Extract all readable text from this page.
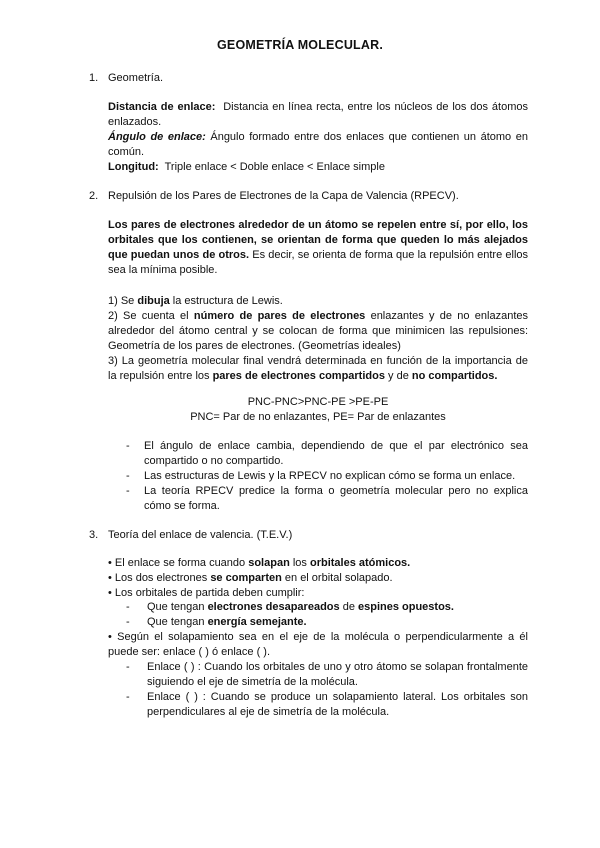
GEOMETRÍA MOLECULAR.
1. Geometría.

Distancia de enlace: Distancia en línea recta, entre los núcleos de los dos átomos enlazados.

Ángulo de enlace: Ángulo formado entre dos enlaces que contienen un átomo en común.

Longitud: Triple enlace < Doble enlace < Enlace simple

2. Repulsión de los Pares de Electrones de la Capa de Valencia (RPECV).

Los pares de electrones alrededor de un átomo se repelen entre sí, por ello, los orbitales que los contienen, se orientan de forma que queden lo más alejados que puedan unos de otros. Es decir, se orienta de forma que la repulsión entre ellos sea la mínima posible.

1) Se dibuja la estructura de Lewis.

2) Se cuenta el número de pares de electrones enlazantes y de no enlazantes alrededor del átomo central y se colocan de forma que minimicen las repulsiones: Geometría de los pares de electrones. (Geometrías ideales)

3) La geometría molecular final vendrá determinada en función de la importancia de la repulsión entre los pares de electrones compartidos y de no compartidos.

PNC-PNC>PNC-PE >PE-PE
PNC= Par de no enlazantes, PE= Par de enlazantes
- El ángulo de enlace cambia, dependiendo de que el par electrónico sea compartido o no compartido.
- Las estructuras de Lewis y la RPECV no explican cómo se forma un enlace.
- La teoría RPECV predice la forma o geometría molecular pero no explica cómo se forma.
3. Teoría del enlace de valencia. (T.E.V.)

• El enlace se forma cuando solapan los orbitales atómicos.

• Los dos electrones se comparten en el orbital solapado.

• Los orbitales de partida deben cumplir:

- Que tengan electrones desapareados de espines opuestos.
- Que tengan energía semejante.
• Según el solapamiento sea en el eje de la molécula o perpendicularmente a él puede ser: enlace ( ) ó enlace ( ).
- Enlace ( ) : Cuando los orbitales de uno y otro átomo se solapan frontalmente siguiendo el eje de simetría de la molécula.
- Enlace ( ) : Cuando se produce un solapamiento lateral. Los orbitales son perpendiculares al eje de simetría de la molécula.
